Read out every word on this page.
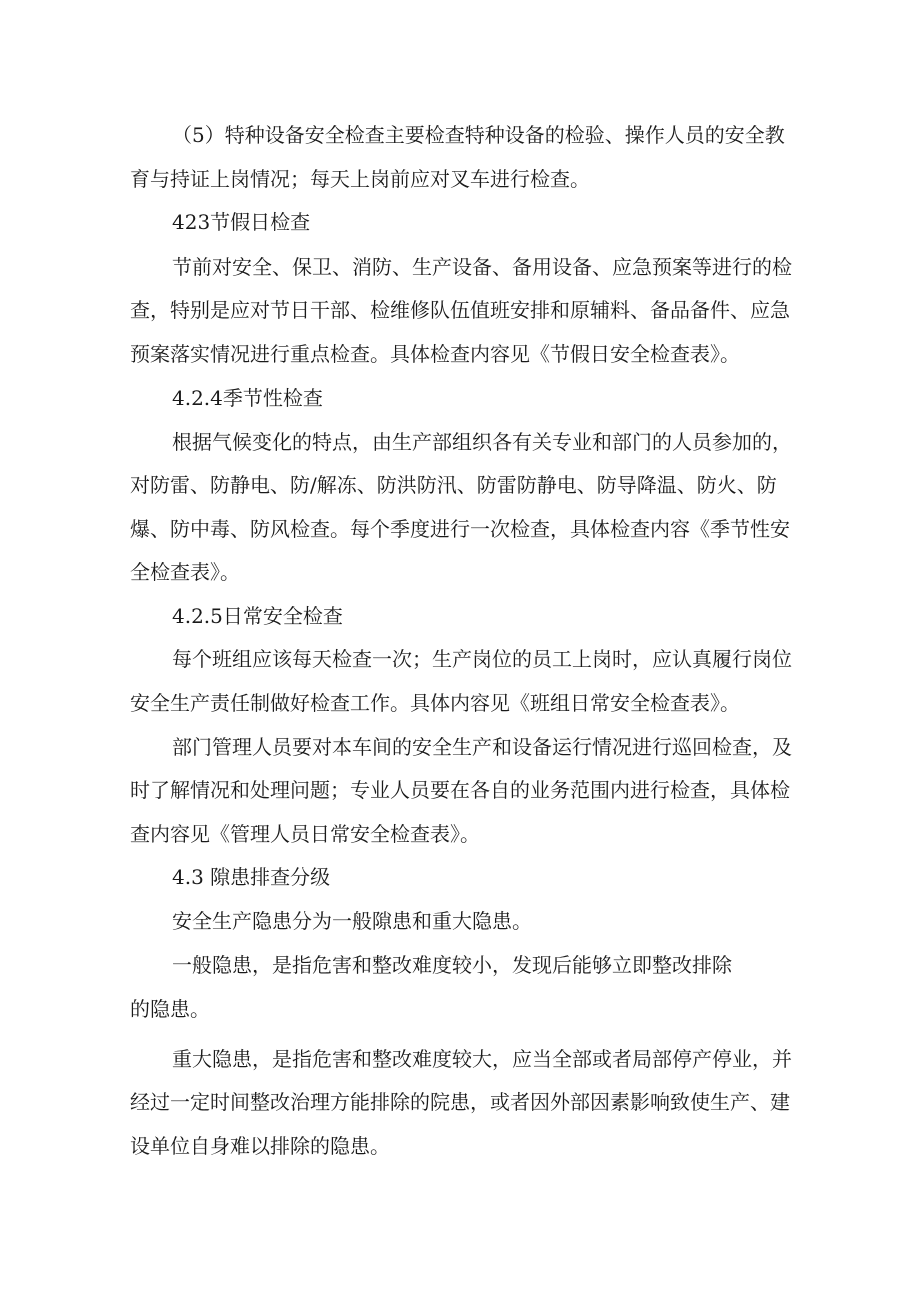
（5）特种设备安全检查主要检查特种设备的检验、操作人员的安全教

育与持证上岗情况；每天上岗前应对叉车进行检查。

423节假日检查

节前对安全、保卫、消防、生产设备、备用设备、应急预案等进行的检

查，特别是应对节日干部、检维修队伍值班安排和原辅料、备品备件、应急

预案落实情况进行重点检查。具体检查内容见《节假日安全检查表》。

4.2.4季节性检查

根据气候变化的特点，由生产部组织各有关专业和部门的人员参加的，

对防雷、防静电、防/解冻、防洪防汛、防雷防静电、防导降温、防火、防

爆、防中毒、防风检查。每个季度进行一次检查，具体检查内容《季节性安

全检查表》。

4.2.5日常安全检查

每个班组应该每天检查一次；生产岗位的员工上岗时，应认真履行岗位

安全生产责任制做好检查工作。具体内容见《班组日常安全检查表》。

部门管理人员要对本车间的安全生产和设备运行情况进行巡回检查，及

时了解情况和处理问题；专业人员要在各自的业务范围内进行检查，具体检

查内容见《管理人员日常安全检查表》。

4.3 隙患排查分级

安全生产隐患分为一般隙患和重大隐患。

一般隐患，是指危害和整改难度较小，发现后能够立即整改排除

的隐患。

重大隐患，是指危害和整改难度较大，应当全部或者局部停产停业，并

经过一定时间整改治理方能排除的院患，或者因外部因素影响致使生产、建

设单位自身难以排除的隐患。
